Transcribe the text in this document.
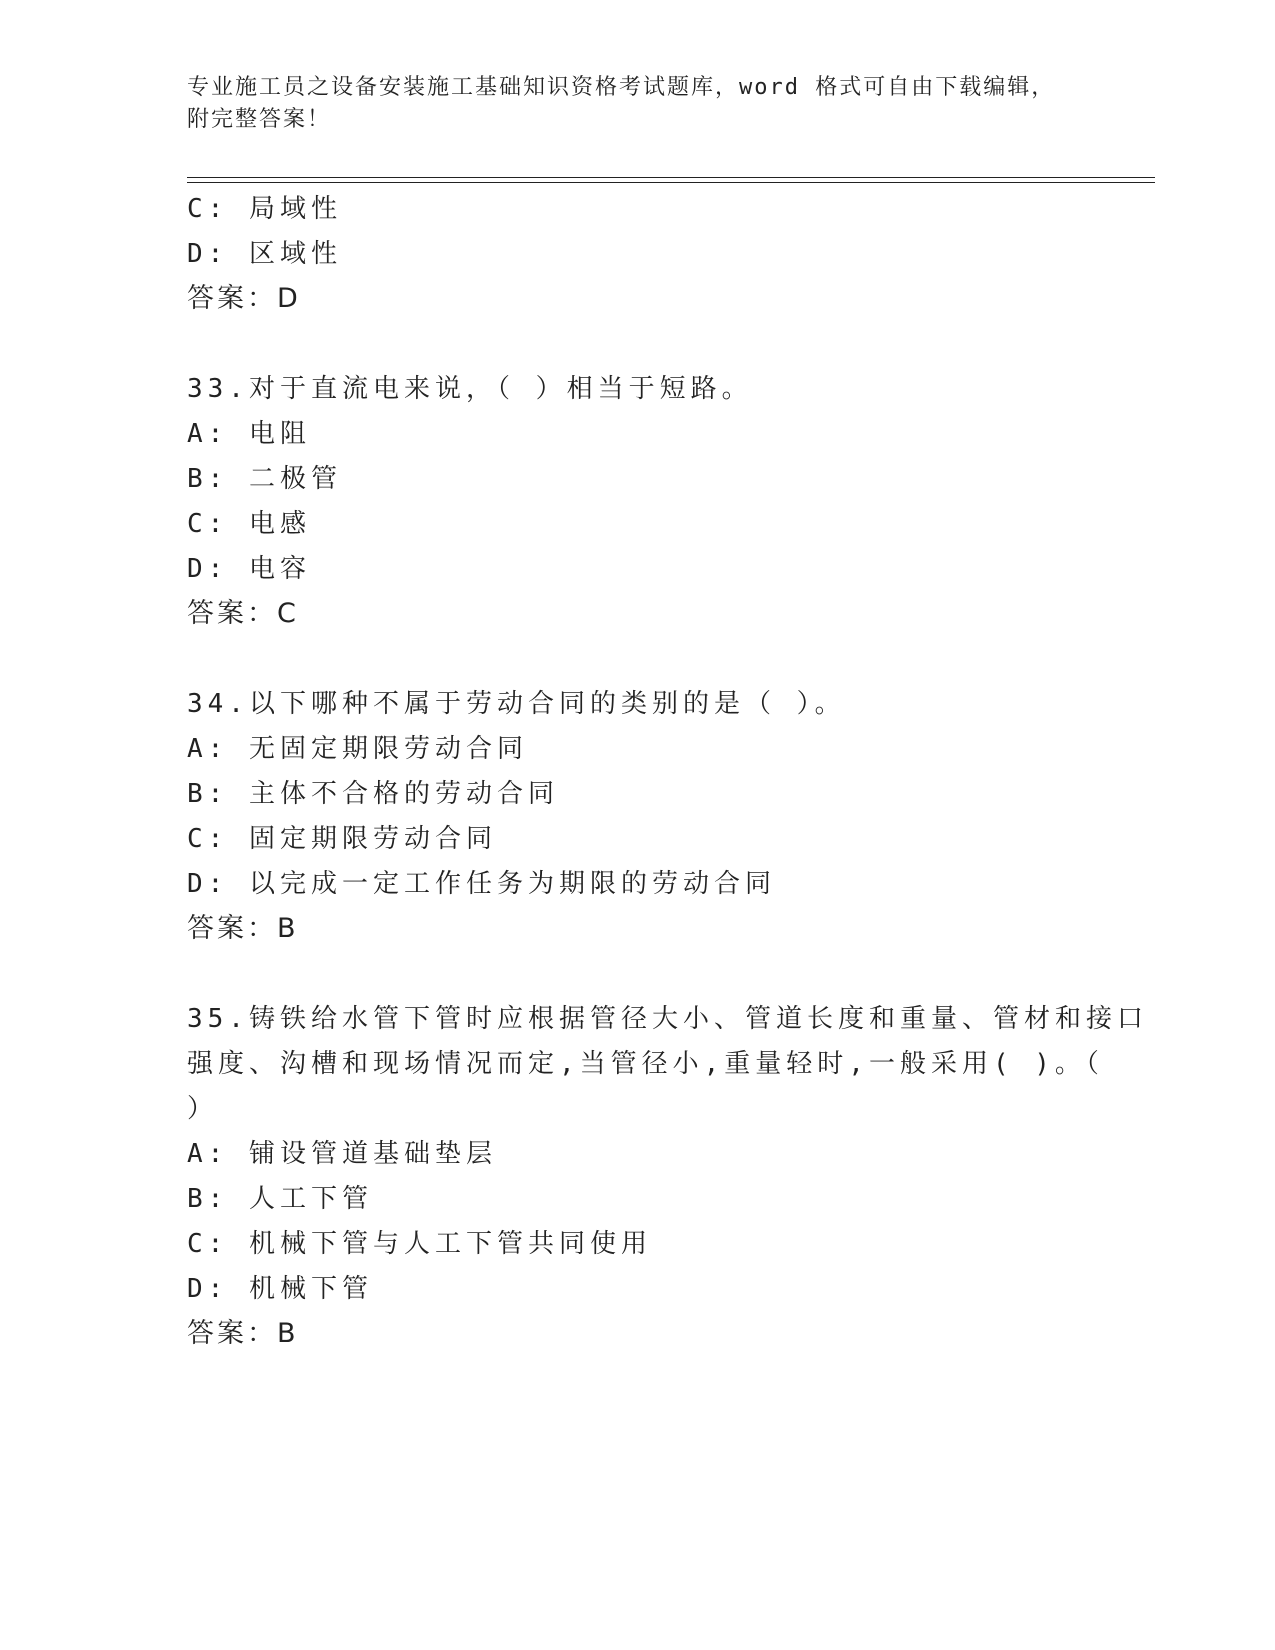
专业施工员之设备安装施工基础知识资格考试题库，word 格式可自由下载编辑，
附完整答案！
C: 局域性
D: 区域性
答案：D
33.对于直流电来说，（ ）相当于短路。
A: 电阻
B: 二极管
C: 电感
D: 电容
答案：C
34.以下哪种不属于劳动合同的类别的是（ ）。
A: 无固定期限劳动合同
B: 主体不合格的劳动合同
C: 固定期限劳动合同
D: 以完成一定工作任务为期限的劳动合同
答案：B
35.铸铁给水管下管时应根据管径大小、管道长度和重量、管材和接口
强度、沟槽和现场情况而定,当管径小,重量轻时,一般采用( )。（
）
A: 铺设管道基础垫层
B: 人工下管
C: 机械下管与人工下管共同使用
D: 机械下管
答案：B
